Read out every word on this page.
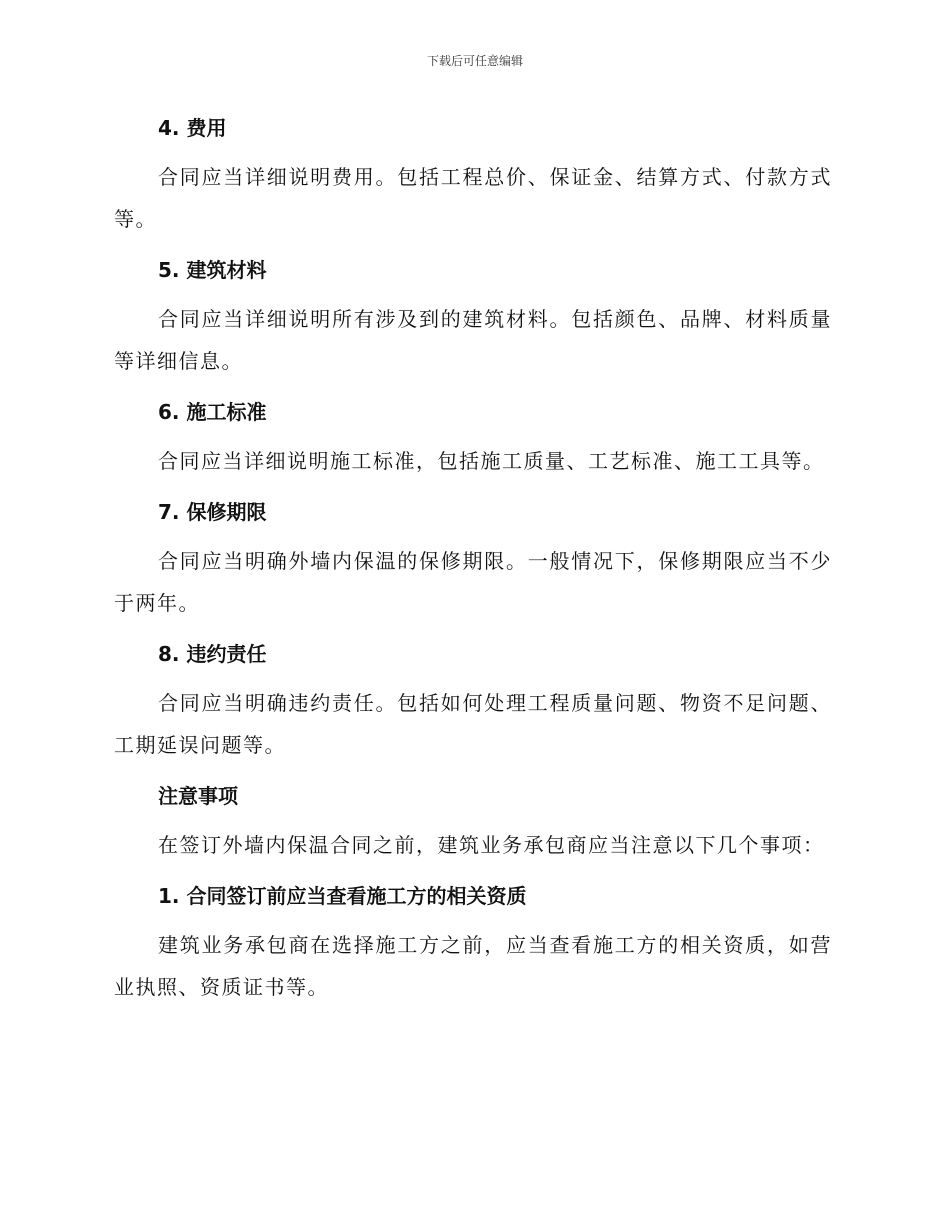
下载后可任意编辑
4. 费用

合同应当详细说明费用。包括工程总价、保证金、结算方式、付款方式等。

5. 建筑材料

合同应当详细说明所有涉及到的建筑材料。包括颜色、品牌、材料质量等详细信息。

6. 施工标准

合同应当详细说明施工标准，包括施工质量、工艺标准、施工工具等。

7. 保修期限

合同应当明确外墙内保温的保修期限。一般情况下，保修期限应当不少于两年。

8. 违约责任

合同应当明确违约责任。包括如何处理工程质量问题、物资不足问题、工期延误问题等。

注意事项

在签订外墙内保温合同之前，建筑业务承包商应当注意以下几个事项：

1. 合同签订前应当查看施工方的相关资质

建筑业务承包商在选择施工方之前，应当查看施工方的相关资质，如营业执照、资质证书等。
